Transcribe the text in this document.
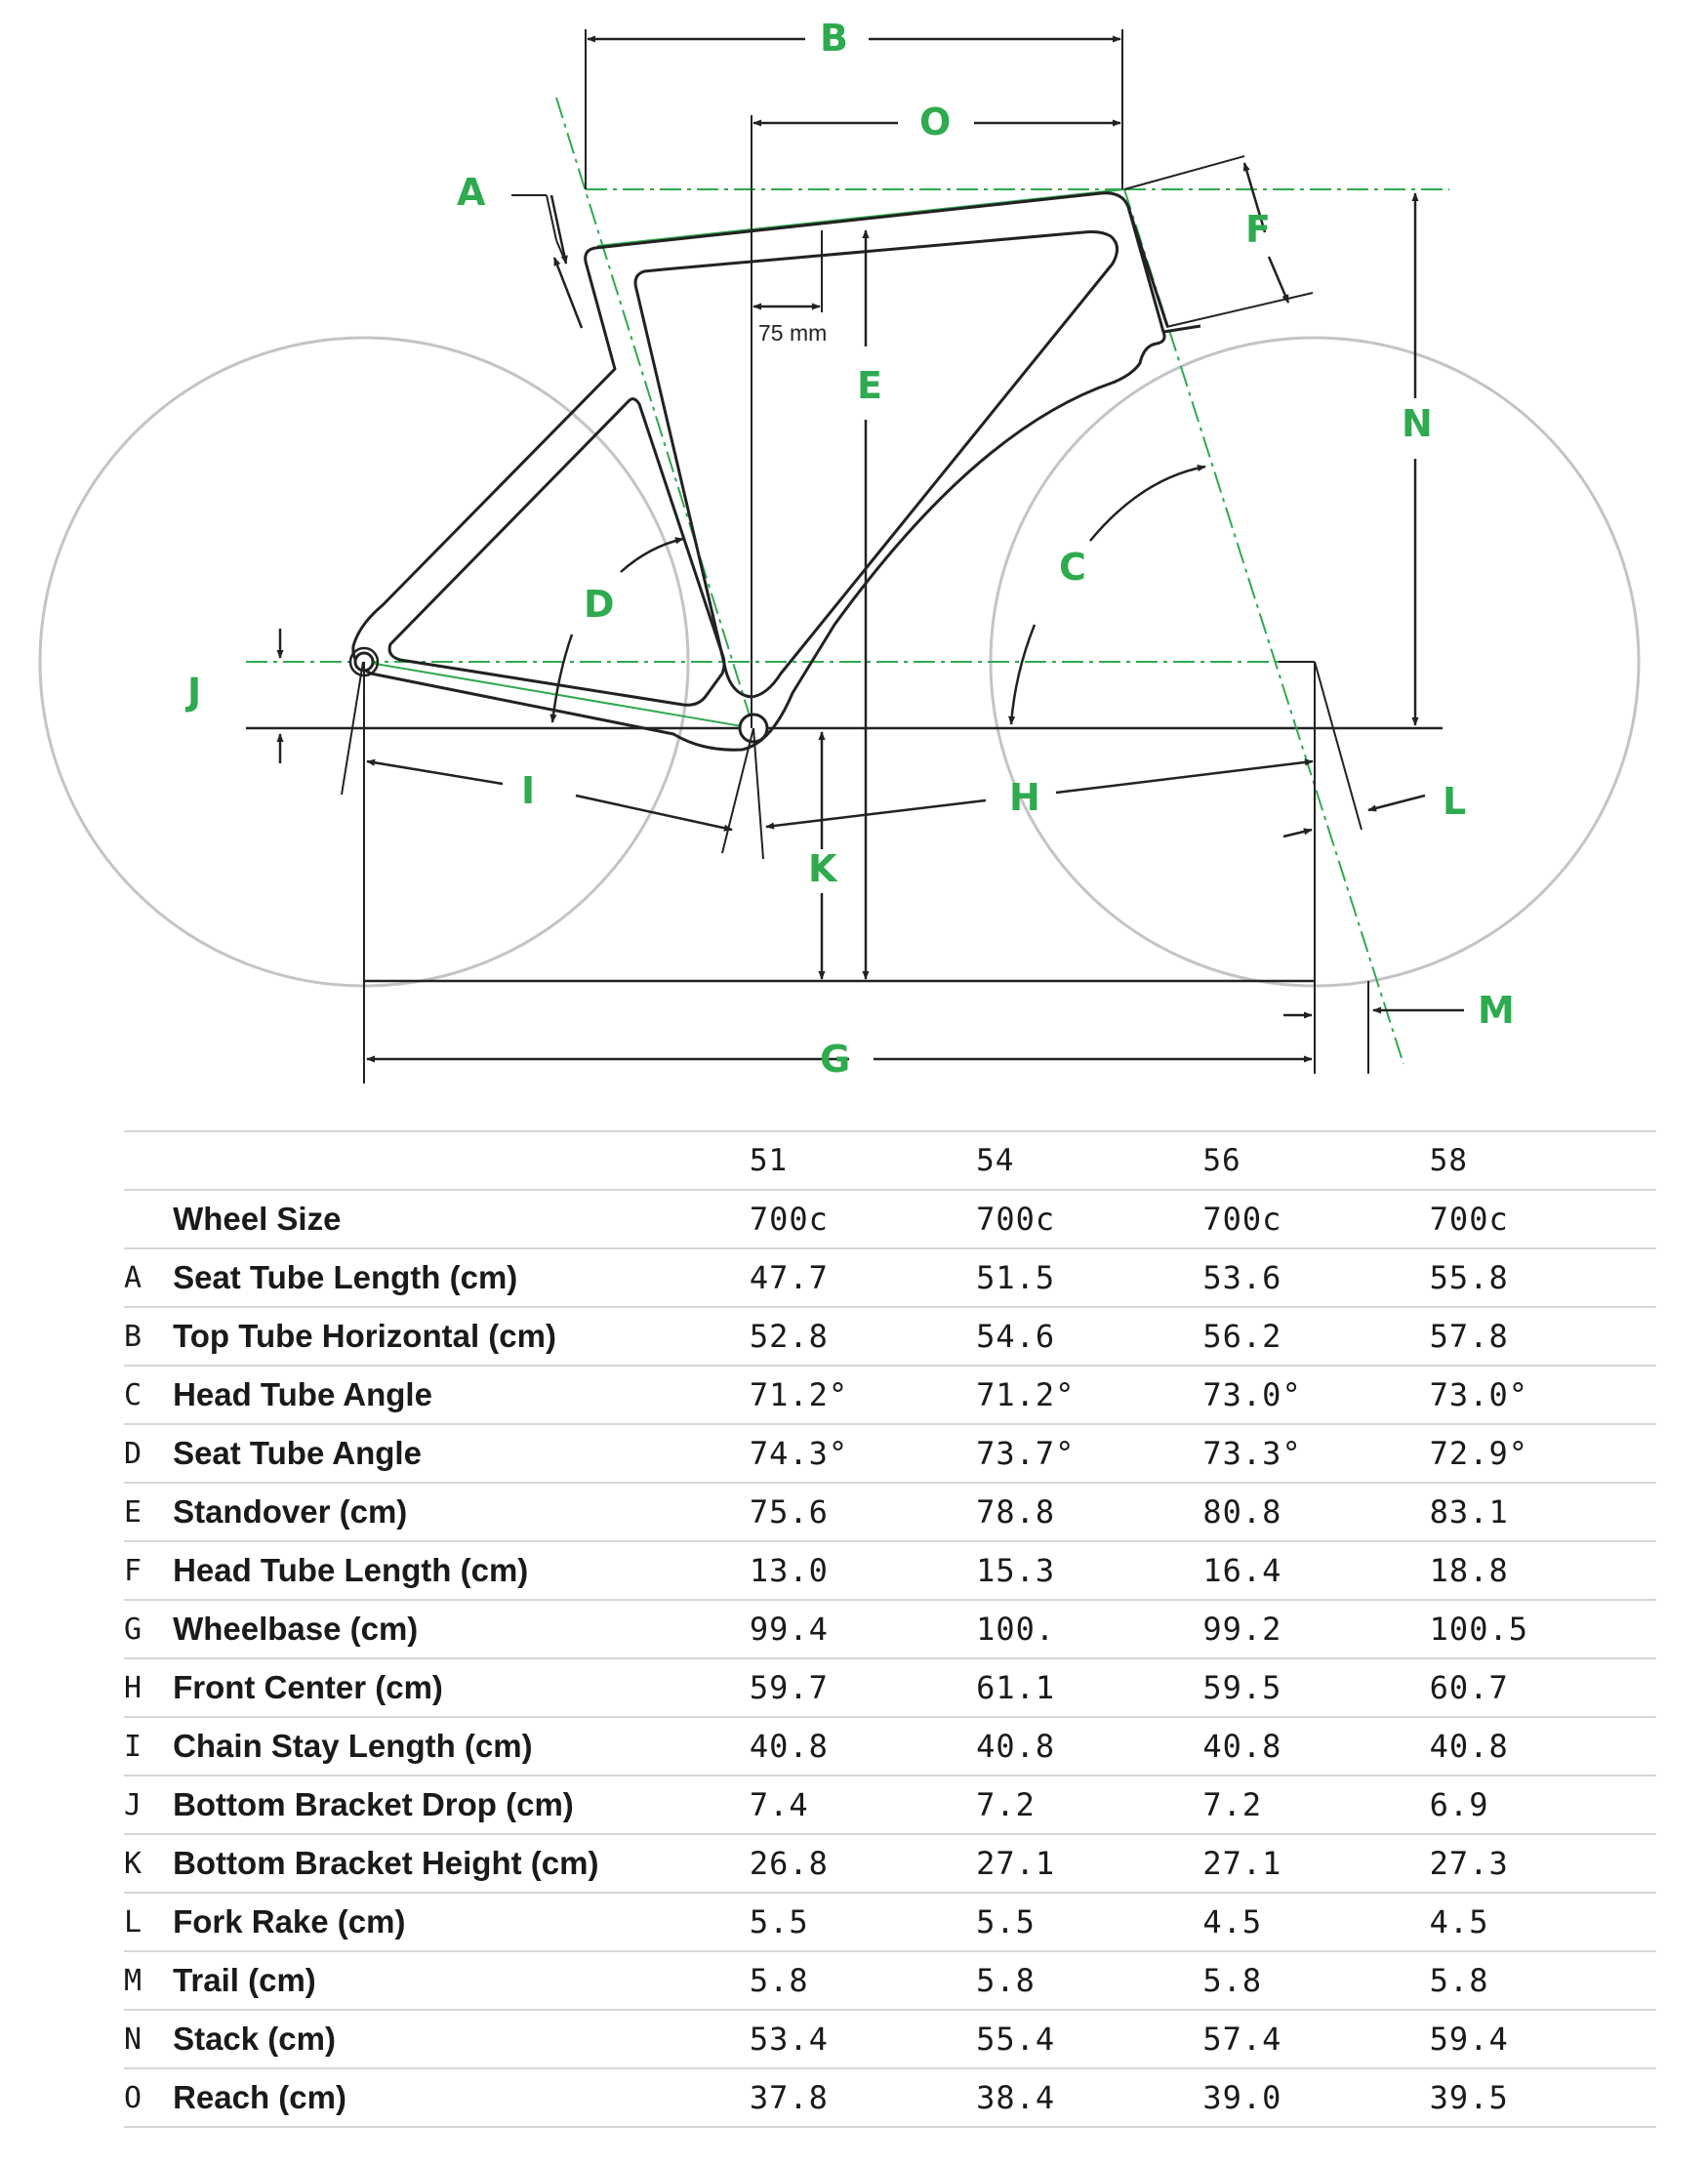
A
B
C
D
E
F
G
H
I
J
K
L
M
N
O
75 mm
		51	54	56	58
	Wheel Size	700c	700c	700c	700c
A	Seat Tube Length (cm)	47.7	51.5	53.6	55.8
B	Top Tube Horizontal (cm)	52.8	54.6	56.2	57.8
C	Head Tube Angle	71.2°	71.2°	73.0°	73.0°
D	Seat Tube Angle	74.3°	73.7°	73.3°	72.9°
E	Standover (cm)	75.6	78.8	80.8	83.1
F	Head Tube Length (cm)	13.0	15.3	16.4	18.8
G	Wheelbase (cm)	99.4	100.	99.2	100.5
H	Front Center (cm)	59.7	61.1	59.5	60.7
I	Chain Stay Length (cm)	40.8	40.8	40.8	40.8
J	Bottom Bracket Drop (cm)	7.4	7.2	7.2	6.9
K	Bottom Bracket Height (cm)	26.8	27.1	27.1	27.3
L	Fork Rake (cm)	5.5	5.5	4.5	4.5
M	Trail (cm)	5.8	5.8	5.8	5.8
N	Stack (cm)	53.4	55.4	57.4	59.4
O	Reach (cm)	37.8	38.4	39.0	39.5
